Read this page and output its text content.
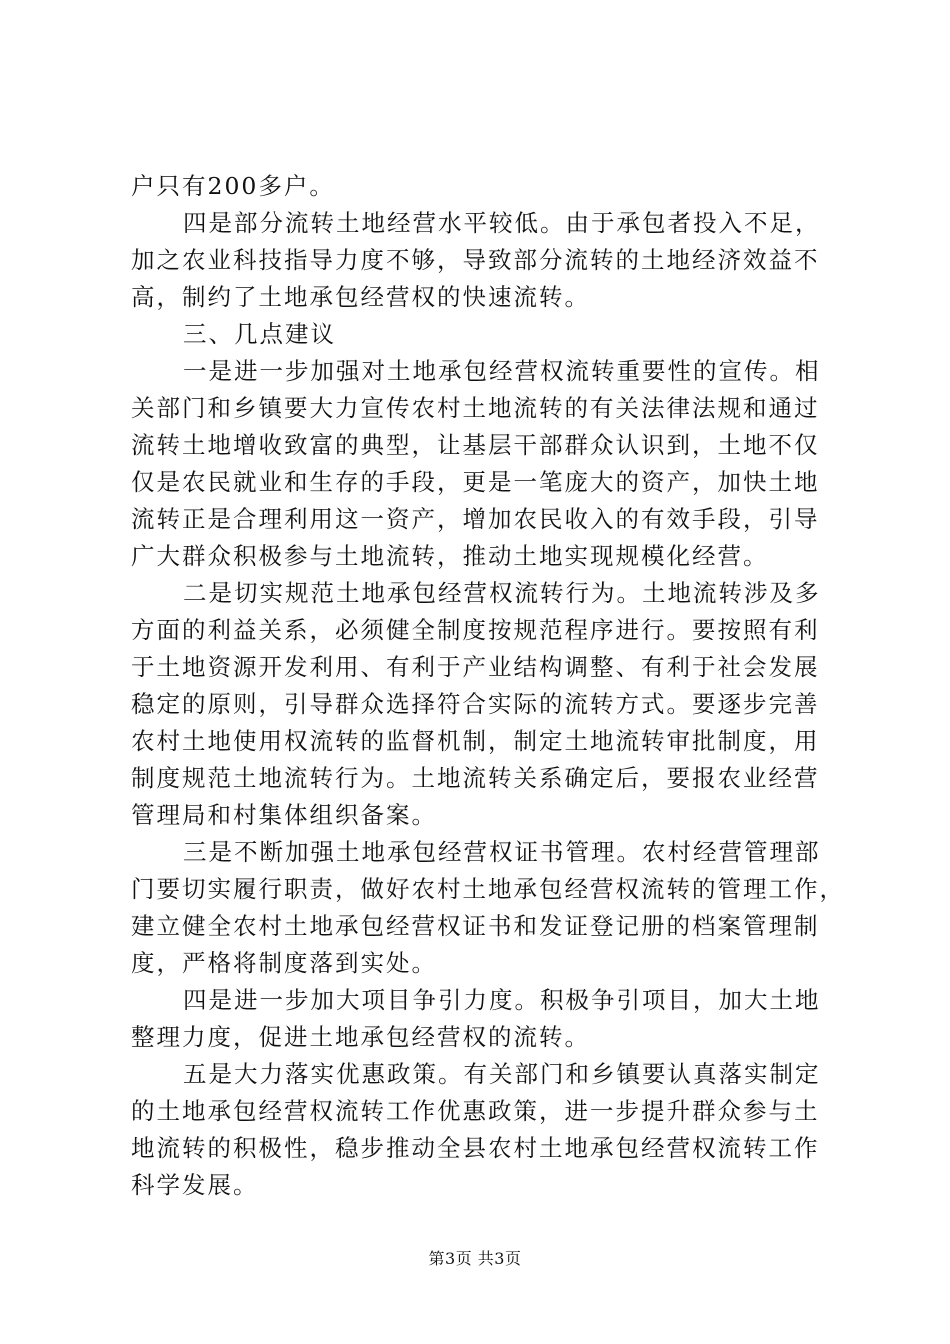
户只有200多户。
四是部分流转土地经营水平较低。由于承包者投入不足，
加之农业科技指导力度不够，导致部分流转的土地经济效益不
高，制约了土地承包经营权的快速流转。
三、几点建议
一是进一步加强对土地承包经营权流转重要性的宣传。相
关部门和乡镇要大力宣传农村土地流转的有关法律法规和通过
流转土地增收致富的典型，让基层干部群众认识到，土地不仅
仅是农民就业和生存的手段，更是一笔庞大的资产，加快土地
流转正是合理利用这一资产，增加农民收入的有效手段，引导
广大群众积极参与土地流转，推动土地实现规模化经营。
二是切实规范土地承包经营权流转行为。土地流转涉及多
方面的利益关系，必须健全制度按规范程序进行。要按照有利
于土地资源开发利用、有利于产业结构调整、有利于社会发展
稳定的原则，引导群众选择符合实际的流转方式。要逐步完善
农村土地使用权流转的监督机制，制定土地流转审批制度，用
制度规范土地流转行为。土地流转关系确定后，要报农业经营
管理局和村集体组织备案。
三是不断加强土地承包经营权证书管理。农村经营管理部
门要切实履行职责，做好农村土地承包经营权流转的管理工作，
建立健全农村土地承包经营权证书和发证登记册的档案管理制
度，严格将制度落到实处。
四是进一步加大项目争引力度。积极争引项目，加大土地
整理力度，促进土地承包经营权的流转。
五是大力落实优惠政策。有关部门和乡镇要认真落实制定
的土地承包经营权流转工作优惠政策，进一步提升群众参与土
地流转的积极性，稳步推动全县农村土地承包经营权流转工作
科学发展。
第3页 共3页
